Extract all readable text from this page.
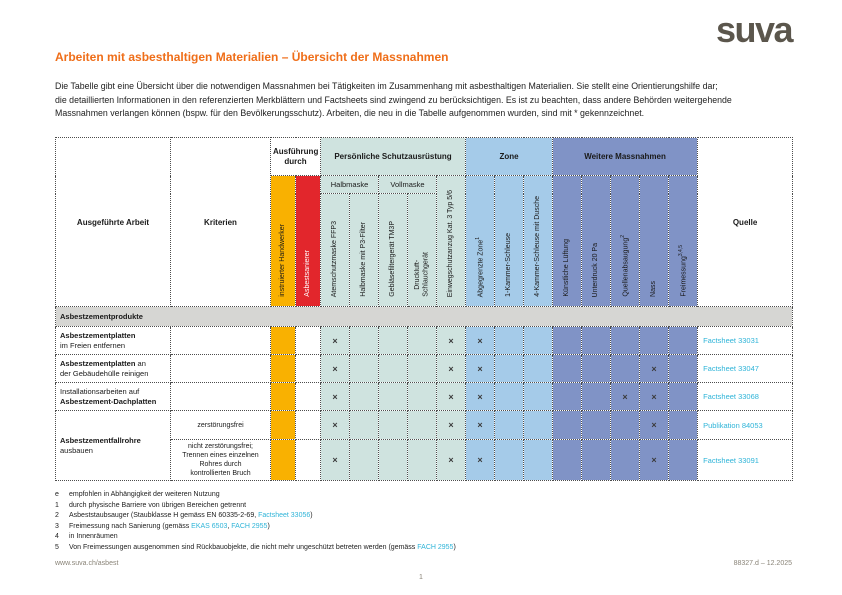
suva
Arbeiten mit asbesthaltigen Materialien – Übersicht der Massnahmen

Die Tabelle gibt eine Übersicht über die notwendigen Massnahmen bei Tätigkeiten im Zusammenhang mit asbesthaltigen Materialien. Sie stellt eine Orientierungshilfe dar;
die detaillierten Informationen in den referenzierten Merkblättern und Factsheets sind zwingend zu berücksichtigen. Es ist zu beachten, dass andere Behörden weitergehende
Massnahmen verlangen können (bspw. für den Bevölkerungsschutz). Arbeiten, die neu in die Tabelle aufgenommen wurden, sind mit * gekennzeichnet.

Ausgeführte Arbeit	Kriterien	Ausführung durch		Persönliche Schutzausrüstung					Zone			Weitere Massnahmen					Quelle
		instruierter Handwerker	Asbestsanierer	Halbmaske		Vollmaske		Einwegschutzanzug Kat. 3 Typ 5/6	Abgegrenzte Zone$^1$	1-Kammer-Schleuse	4-Kammer-Schleuse mit Dusche	Künstliche Lüftung	Unterdruck 20 Pa	Quellenabsaugung$^2$	Nass	Freimessung$^{3,4,5}$
				Atemschutzmaske FFP3	Halbmaske mit P3-Filter	Gebläsefiltergerät TM3P	Druckluft- Schlauchgerät										
Asbestzementprodukte																	
Asbestzementplatten
im Freien entfernen				×				×	×								Factsheet 33031
Asbestzementplatten an
der Gebäudehülle reinigen				×				×	×						×		Factsheet 33047
Installationsarbeiten auf
Asbestzement-Dachplatten				×				×	×					×	×		Factsheet 33068
Asbestzementfallrohre
ausbauen	zerstörungsfrei			×				×	×						×		Publikation 84053
	nicht zerstörungsfrei;
Trennen eines einzelnen
Rohres durch
kontrollierten Bruch			×				×	×						×		Factsheet 33091
e empfohlen in Abhängigkeit der weiteren Nutzung
1 durch physische Barriere von übrigen Bereichen getrennt
2 Asbeststaubsauger (Staubklasse H gemäss EN 60335-2-69, Factsheet 33056)
3 Freimessung nach Sanierung (gemäss EKAS 6503, FACH 2955)
4 in Innenräumen
5 Von Freimessungen ausgenommen sind Rückbauobjekte, die nicht mehr ungeschützt betreten werden (gemäss FACH 2955)
www.suva.ch/asbest	88327.d – 12.2025
1
